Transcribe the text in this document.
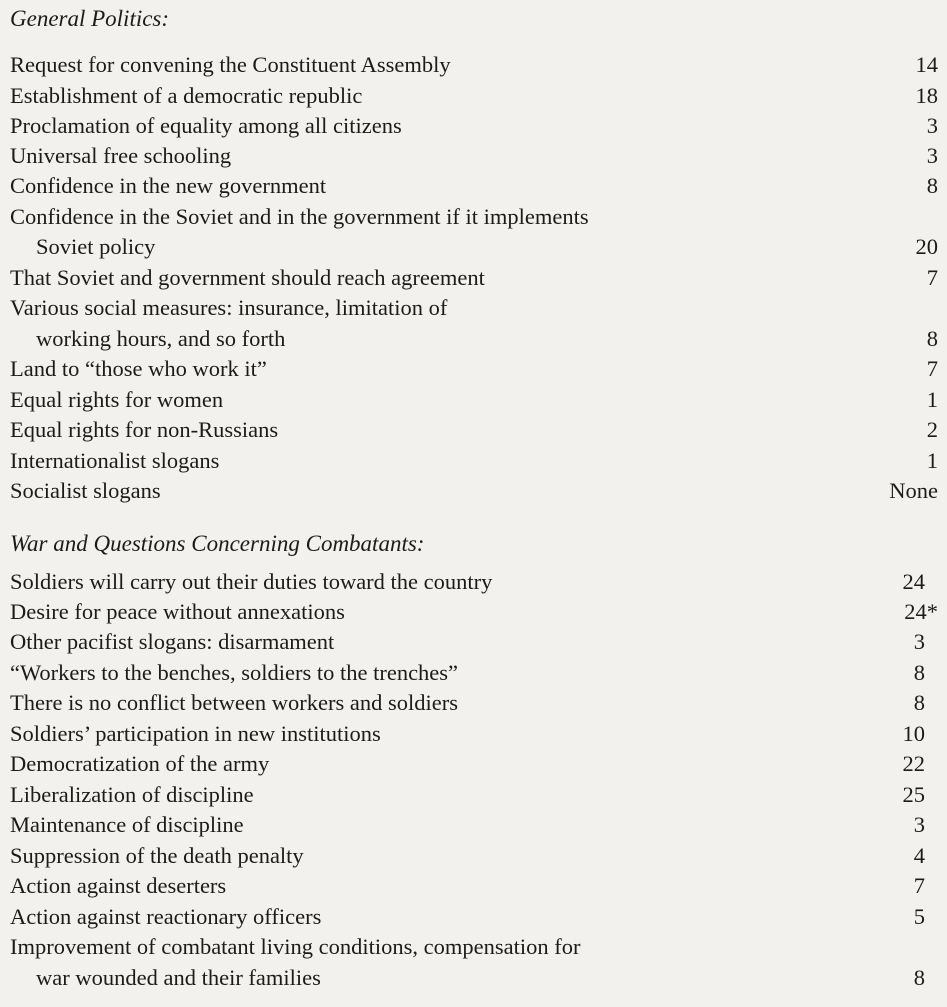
General Politics:
Request for convening the Constituent Assembly	14
Establishment of a democratic republic	18
Proclamation of equality among all citizens	3
Universal free schooling	3
Confidence in the new government	8
Confidence in the Soviet and in the government if it implements
Soviet policy	20
That Soviet and government should reach agreement	7
Various social measures: insurance, limitation of
working hours, and so forth	8
Land to “those who work it”	7
Equal rights for women	1
Equal rights for non-Russians	2
Internationalist slogans	1
Socialist slogans	None
War and Questions Concerning Combatants:
Soldiers will carry out their duties toward the country	24
Desire for peace without annexations	24*
Other pacifist slogans: disarmament	3
“Workers to the benches, soldiers to the trenches”	8
There is no conflict between workers and soldiers	8
Soldiers’ participation in new institutions	10
Democratization of the army	22
Liberalization of discipline	25
Maintenance of discipline	3
Suppression of the death penalty	4
Action against deserters	7
Action against reactionary officers	5
Improvement of combatant living conditions, compensation for
war wounded and their families	8
